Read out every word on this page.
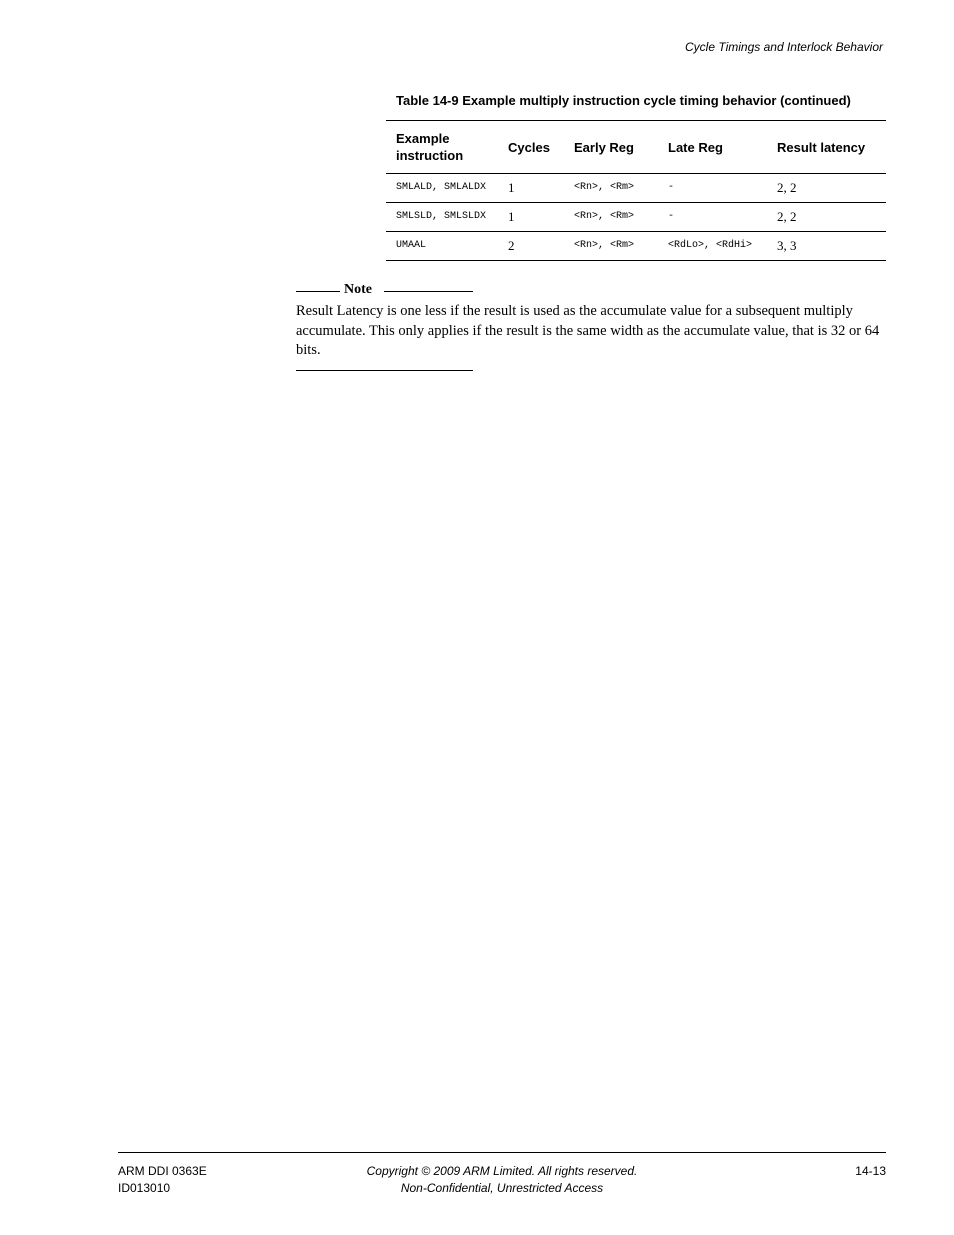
Cycle Timings and Interlock Behavior
Table 14-9 Example multiply instruction cycle timing behavior (continued)
Example instruction	Cycles	Early Reg	Late Reg	Result latency
SMLALD, SMLALDX	1	<Rn>, <Rm>	-	2, 2
SMLSLD, SMLSLDX	1	<Rn>, <Rm>	-	2, 2
UMAAL	2	<Rn>, <Rm>	<RdLo>, <RdHi>	3, 3
Note

Result Latency is one less if the result is used as the accumulate value for a subsequent multiply accumulate. This only applies if the result is the same width as the accumulate value, that is 32 or 64 bits.

ARM DDI 0363E
ID013010
Copyright © 2009 ARM Limited. All rights reserved.
Non-Confidential, Unrestricted Access
14-13
